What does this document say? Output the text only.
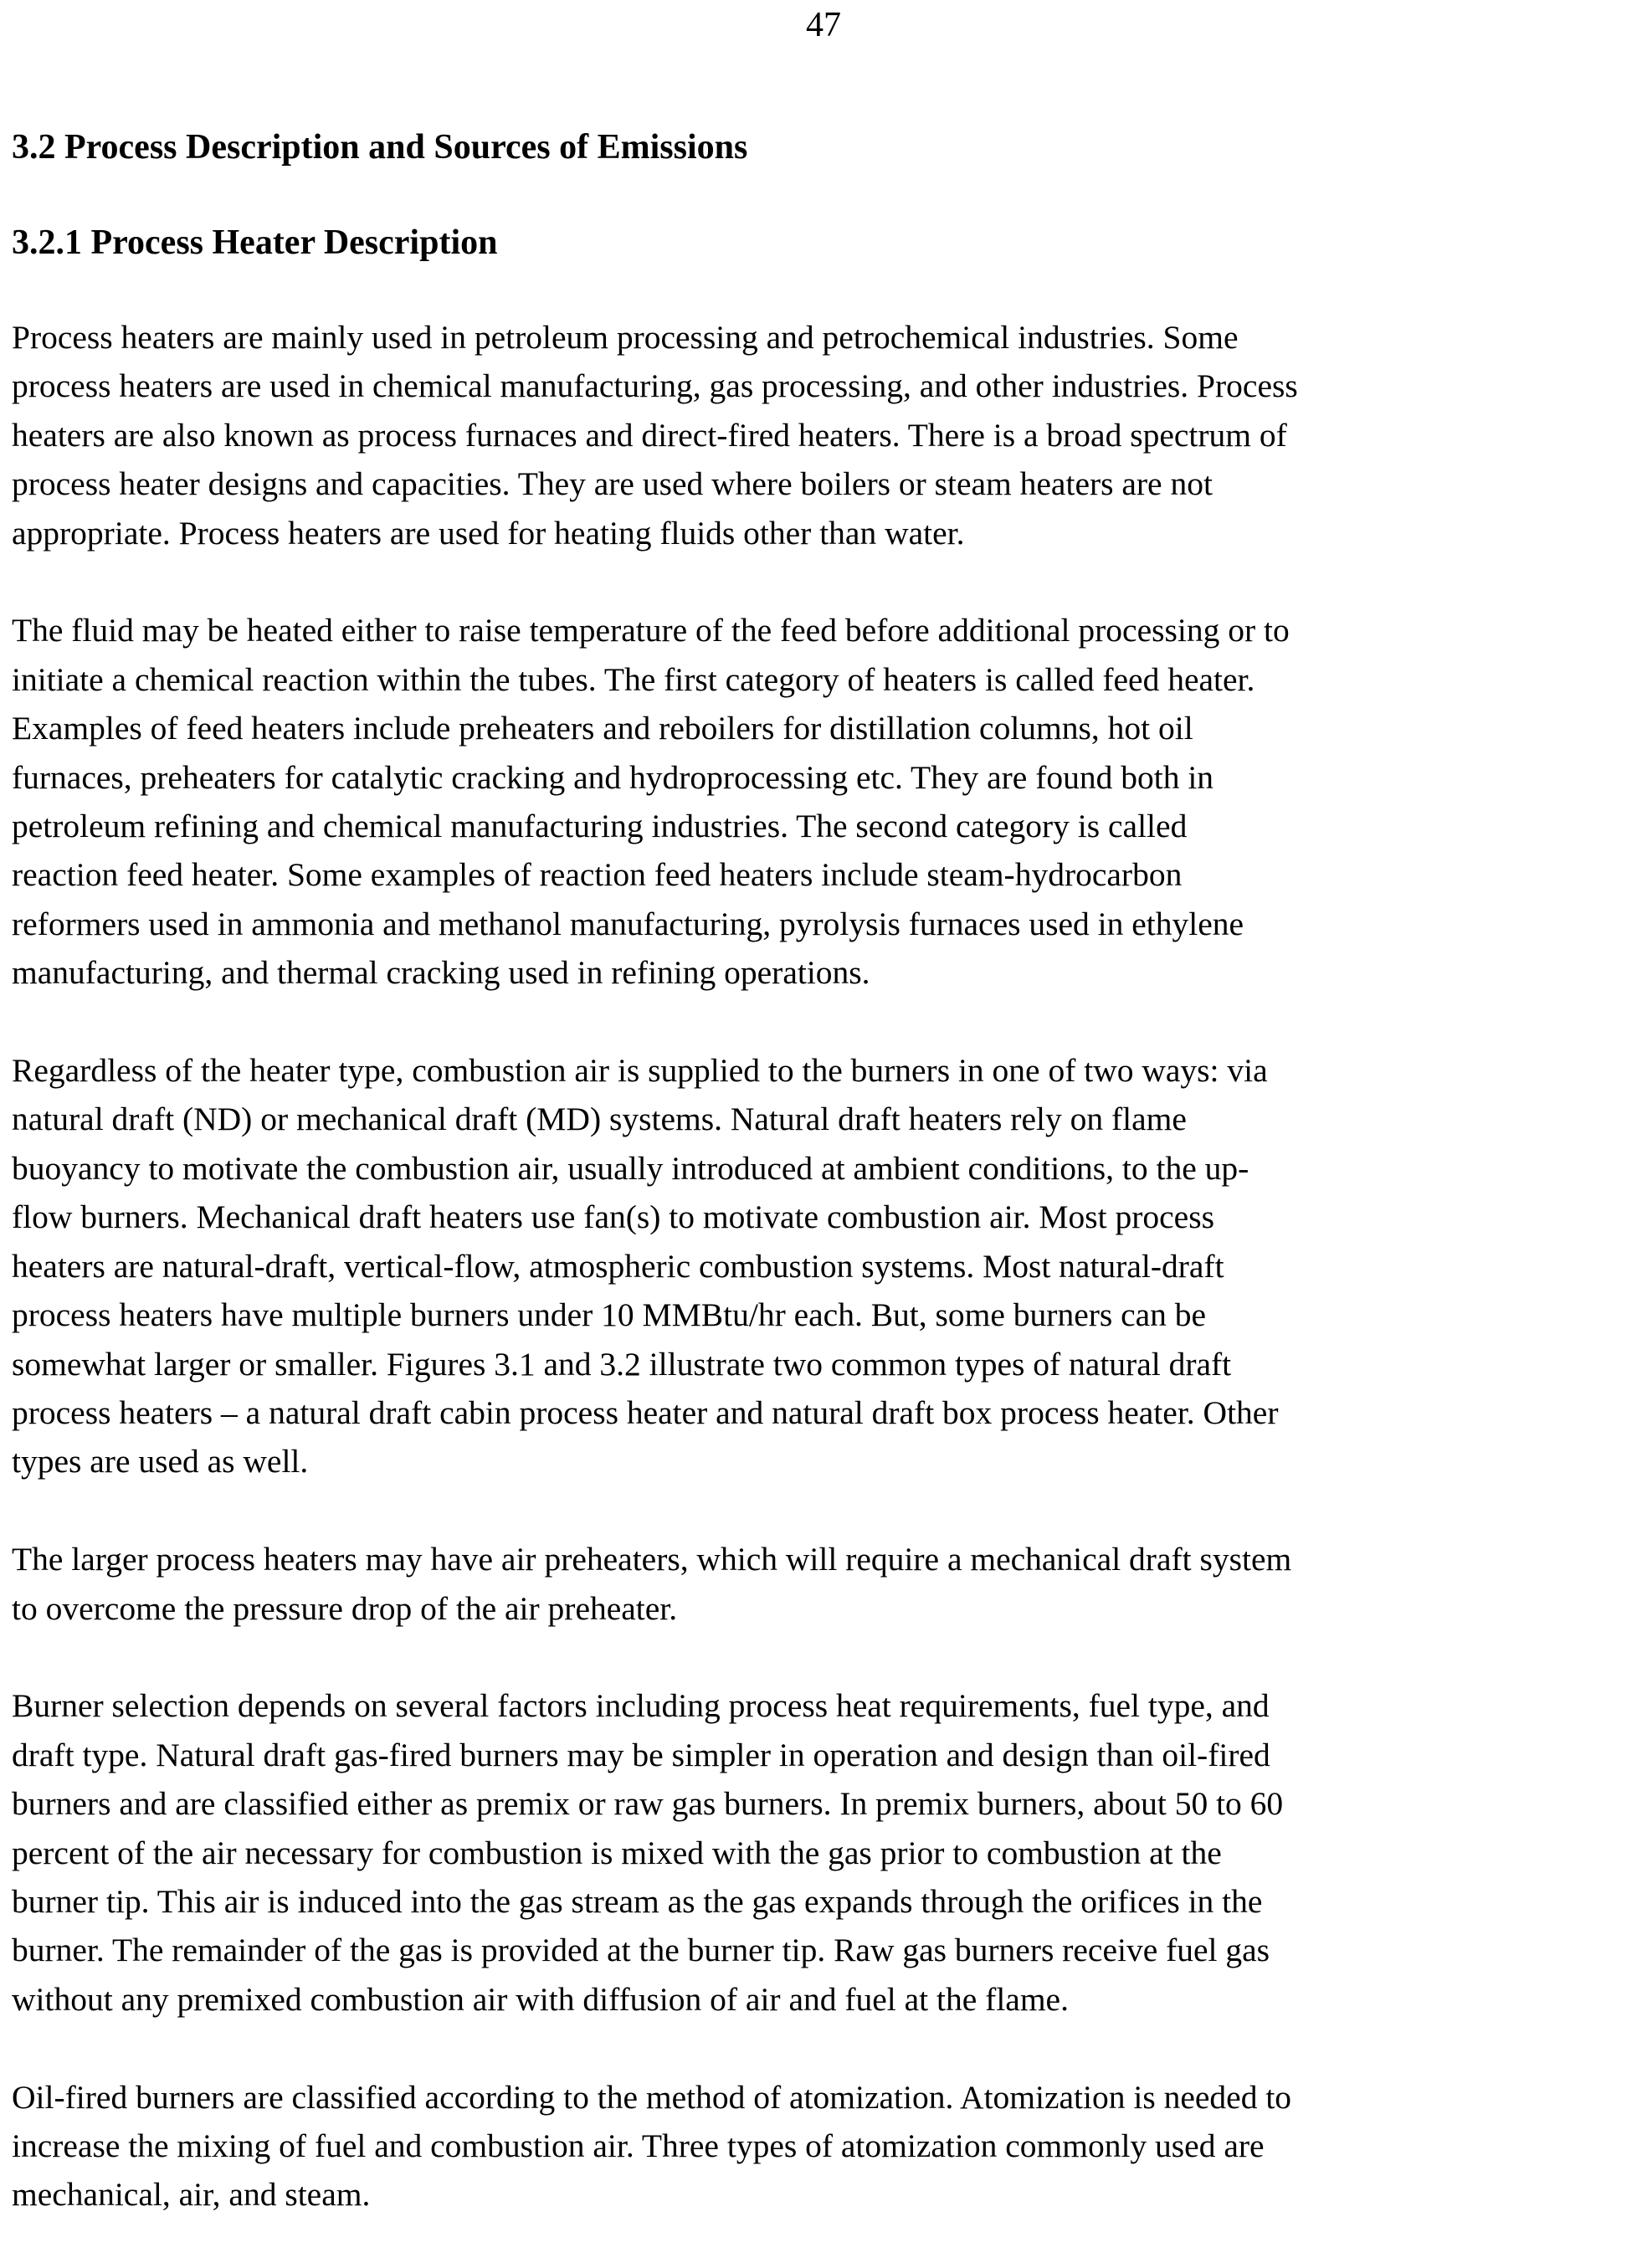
47
3.2 Process Description and Sources of Emissions
3.2.1 Process Heater Description

Process heaters are mainly used in petroleum processing and petrochemical industries. Some
process heaters are used in chemical manufacturing, gas processing, and other industries. Process
heaters are also known as process furnaces and direct-fired heaters. There is a broad spectrum of
process heater designs and capacities. They are used where boilers or steam heaters are not
appropriate. Process heaters are used for heating fluids other than water.

The fluid may be heated either to raise temperature of the feed before additional processing or to
initiate a chemical reaction within the tubes. The first category of heaters is called feed heater.
Examples of feed heaters include preheaters and reboilers for distillation columns, hot oil
furnaces, preheaters for catalytic cracking and hydroprocessing etc. They are found both in
petroleum refining and chemical manufacturing industries. The second category is called
reaction feed heater. Some examples of reaction feed heaters include steam-hydrocarbon
reformers used in ammonia and methanol manufacturing, pyrolysis furnaces used in ethylene
manufacturing, and thermal cracking used in refining operations.

Regardless of the heater type, combustion air is supplied to the burners in one of two ways: via
natural draft (ND) or mechanical draft (MD) systems. Natural draft heaters rely on flame
buoyancy to motivate the combustion air, usually introduced at ambient conditions, to the up-
flow burners. Mechanical draft heaters use fan(s) to motivate combustion air. Most process
heaters are natural-draft, vertical-flow, atmospheric combustion systems. Most natural-draft
process heaters have multiple burners under 10 MMBtu/hr each. But, some burners can be
somewhat larger or smaller. Figures 3.1 and 3.2 illustrate two common types of natural draft
process heaters – a natural draft cabin process heater and natural draft box process heater. Other
types are used as well.

The larger process heaters may have air preheaters, which will require a mechanical draft system
to overcome the pressure drop of the air preheater.

Burner selection depends on several factors including process heat requirements, fuel type, and
draft type. Natural draft gas-fired burners may be simpler in operation and design than oil-fired
burners and are classified either as premix or raw gas burners. In premix burners, about 50 to 60
percent of the air necessary for combustion is mixed with the gas prior to combustion at the
burner tip. This air is induced into the gas stream as the gas expands through the orifices in the
burner. The remainder of the gas is provided at the burner tip. Raw gas burners receive fuel gas
without any premixed combustion air with diffusion of air and fuel at the flame.

Oil-fired burners are classified according to the method of atomization. Atomization is needed to
increase the mixing of fuel and combustion air. Three types of atomization commonly used are
mechanical, air, and steam.
